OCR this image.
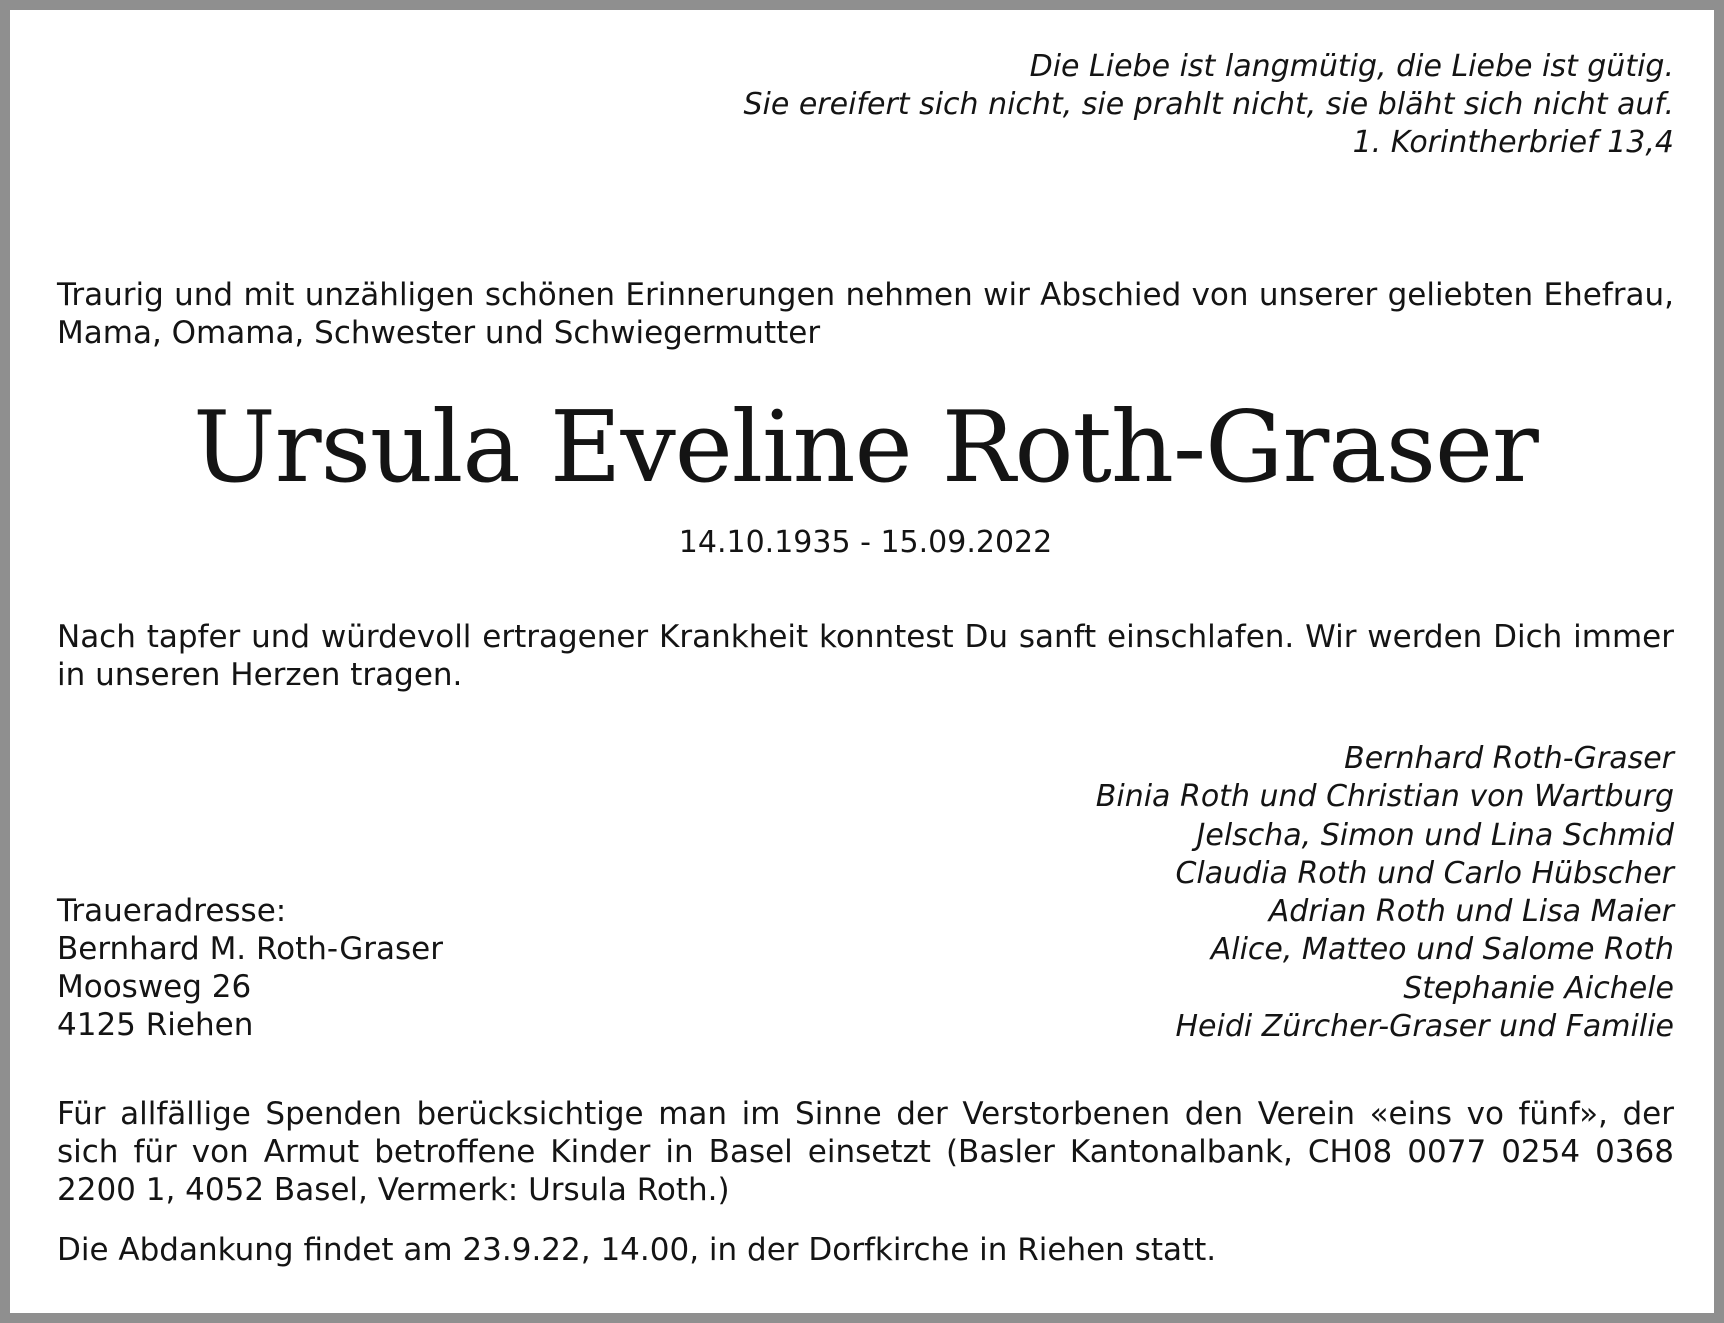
Die Liebe ist langmütig, die Liebe ist gütig.
Sie ereifert sich nicht, sie prahlt nicht, sie bläht sich nicht auf.
1. Korintherbrief 13,4
Traurig und mit unzähligen schönen Erinnerungen nehmen wir Abschied von unserer geliebten Ehefrau, Mama, Omama, Schwester und Schwiegermutter
Ursula Eveline Roth-Graser
14.10.1935 - 15.09.2022
Nach tapfer und würdevoll ertragener Krankheit konntest Du sanft einschlafen. Wir werden Dich immer in unseren Herzen tragen.
Bernhard Roth-Graser
Binia Roth und Christian von Wartburg
Jelscha, Simon und Lina Schmid
Claudia Roth und Carlo Hübscher
Adrian Roth und Lisa Maier
Alice, Matteo und Salome Roth
Stephanie Aichele
Heidi Zürcher-Graser und Familie
Traueradresse:
Bernhard M. Roth-Graser
Moosweg 26
4125 Riehen
Für allfällige Spenden berücksichtige man im Sinne der Verstorbenen den Verein «eins vo fünf», der sich für von Armut betroffene Kinder in Basel einsetzt (Basler Kantonalbank, CH08 0077 0254 0368 2200 1, 4052 Basel, Vermerk: Ursula Roth.)
Die Abdankung findet am 23.9.22, 14.00, in der Dorfkirche in Riehen statt.
